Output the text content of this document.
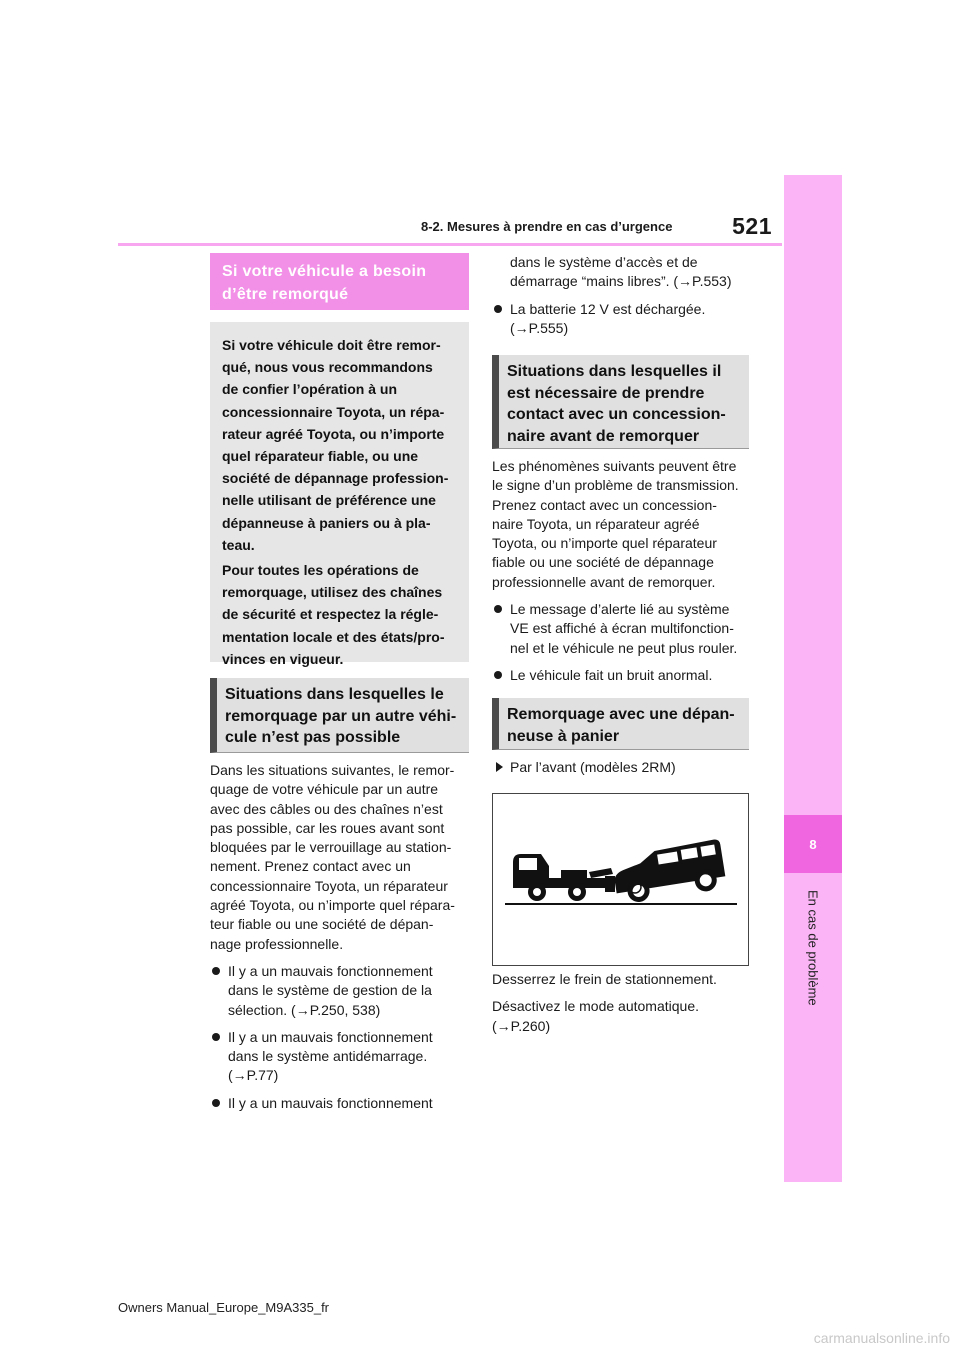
8-2. Mesures à prendre en cas d’urgence	521
8
En cas de problème
Si votre véhicule a besoin
d’être remorqué

Si votre véhicule doit être remor-
qué, nous vous recommandons
de confier l’opération à un
concessionnaire Toyota, un répa-
rateur agréé Toyota, ou n’importe
quel réparateur fiable, ou une
société de dépannage profession-
nelle utilisant de préférence une
dépanneuse à paniers ou à pla-
teau.

Pour toutes les opérations de
remorquage, utilisez des chaînes
de sécurité et respectez la régle-
mentation locale et des états/pro-
vinces en vigueur.

Situations dans lesquelles le
remorquage par un autre véhi-
cule n’est pas possible

Dans les situations suivantes, le remor-
quage de votre véhicule par un autre
avec des câbles ou des chaînes n’est
pas possible, car les roues avant sont
bloquées par le verrouillage au station-
nement. Prenez contact avec un
concessionnaire Toyota, un réparateur
agréé Toyota, ou n’importe quel répara-
teur fiable ou une société de dépan-
nage professionnelle.

Il y a un mauvais fonctionnement
dans le système de gestion de la
sélection. (→P.250, 538)
Il y a un mauvais fonctionnement
dans le système antidémarrage.
(→P.77)
Il y a un mauvais fonctionnement
dans le système d’accès et de
démarrage “mains libres”. (→P.553)
La batterie 12 V est déchargée.
(→P.555)
Situations dans lesquelles il
est nécessaire de prendre
contact avec un concession-
naire avant de remorquer

Les phénomènes suivants peuvent être
le signe d’un problème de transmission.
Prenez contact avec un concession-
naire Toyota, un réparateur agréé
Toyota, ou n’importe quel réparateur
fiable ou une société de dépannage
professionnelle avant de remorquer.

Le message d’alerte lié au système
VE est affiché à écran multifonction-
nel et le véhicule ne peut plus rouler.
Le véhicule fait un bruit anormal.
Remorquage avec une dépan-
neuse à panier
Par l’avant (modèles 2RM)

Desserrez le frein de stationnement.

Désactivez le mode automatique.
(→P.260)

Owners Manual_Europe_M9A335_fr
carmanualsonline.info
